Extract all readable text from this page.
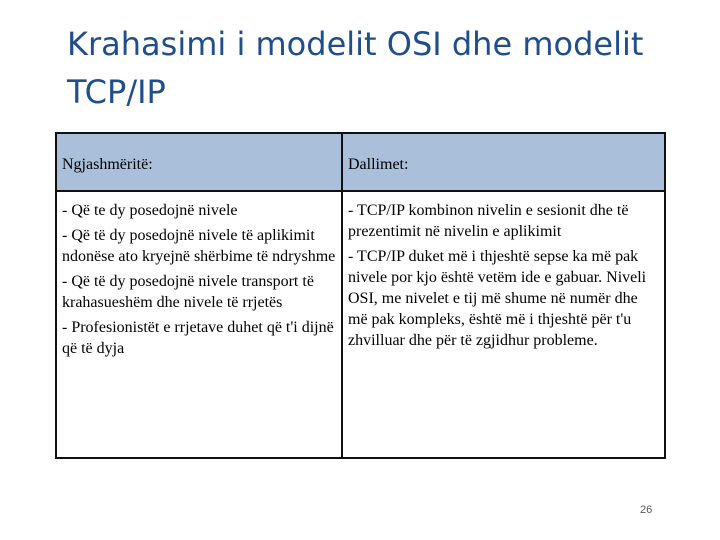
Krahasimi i modelit OSI dhe modelit TCP/IP
Ngjashmëritë:	Dallimet:

- Që te dy posedojnë nivele

- Që të dy posedojnë nivele të aplikimit ndonëse ato kryejnë shërbime të ndryshme

- Që të dy posedojnë nivele transport të krahasueshëm dhe nivele të rrjetës

- Profesionistët e rrjetave duhet që t'i dijnë që të dyja

- TCP/IP kombinon nivelin e sesionit dhe të prezentimit në nivelin e aplikimit

- TCP/IP duket më i thjeshtë sepse ka më pak nivele por kjo është vetëm ide e gabuar. Niveli OSI, me nivelet e tij më shume në numër dhe më pak kompleks, është më i thjeshtë për t'u zhvilluar dhe për të zgjidhur probleme.

26
